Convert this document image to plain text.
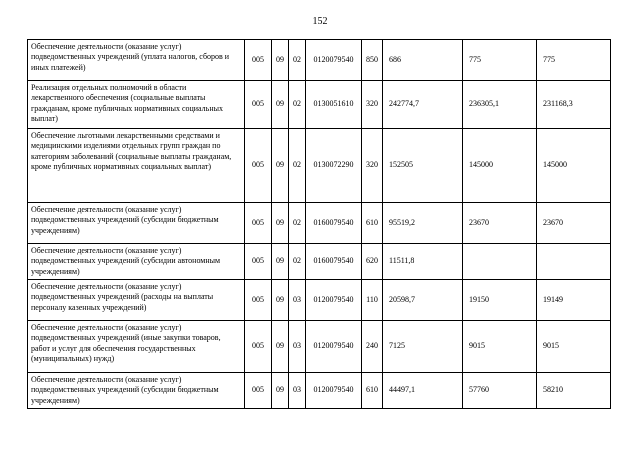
152
Обеспечение деятельности (оказание услуг) подведомственных учреждений (уплата налогов, сборов и иных платежей)	005	09	02	0120079540	850	686	775	775
Реализация отдельных полномочий в области лекарственного обеспечения (социальные выплаты гражданам, кроме публичных нормативных социальных выплат)	005	09	02	0130051610	320	242774,7	236305,1	231168,3
Обеспечение льготными лекарственными средствами и медицинскими изделиями отдельных групп граждан по категориям заболеваний (социальные выплаты гражданам, кроме публичных нормативных социальных выплат)	005	09	02	0130072290	320	152505	145000	145000
Обеспечение деятельности (оказание услуг) подведомственных учреждений (субсидии бюджетным учреждениям)	005	09	02	0160079540	610	95519,2	23670	23670
Обеспечение деятельности (оказание услуг) подведомственных учреждений (субсидии автономным учреждениям)	005	09	02	0160079540	620	11511,8		
Обеспечение деятельности (оказание услуг) подведомственных учреждений (расходы на выплаты персоналу казенных учреждений)	005	09	03	0120079540	110	20598,7	19150	19149
Обеспечение деятельности (оказание услуг) подведомственных учреждений (иные закупки товаров, работ и услуг для обеспечения государственных (муниципальных) нужд)	005	09	03	0120079540	240	7125	9015	9015
Обеспечение деятельности (оказание услуг) подведомственных учреждений (субсидии бюджетным учреждениям)	005	09	03	0120079540	610	44497,1	57760	58210
